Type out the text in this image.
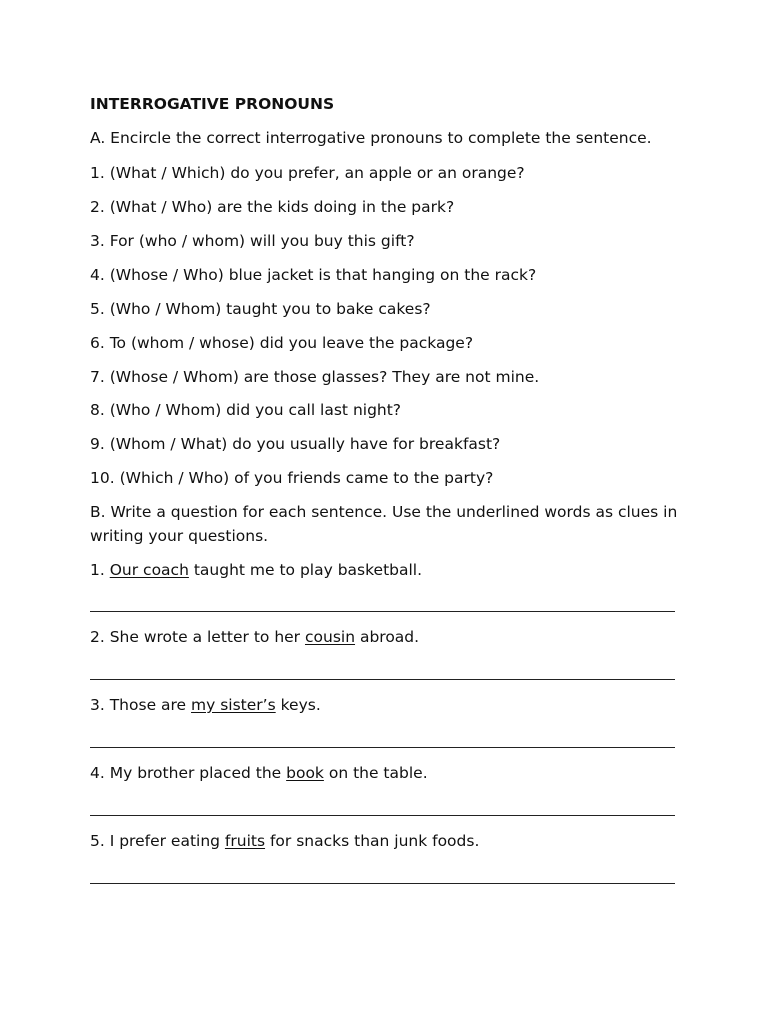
INTERROGATIVE PRONOUNS
A. Encircle the correct interrogative pronouns to complete the sentence.
1. (What / Which) do you prefer, an apple or an orange?
2. (What / Who) are the kids doing in the park?
3. For (who / whom) will you buy this gift?
4. (Whose / Who) blue jacket is that hanging on the rack?
5. (Who / Whom) taught you to bake cakes?
6. To (whom / whose) did you leave the package?
7. (Whose / Whom) are those glasses? They are not mine.
8. (Who / Whom) did you call last night?
9. (Whom / What) do you usually have for breakfast?
10. (Which / Who) of you friends came to the party?
B. Write a question for each sentence. Use the underlined words as clues in writing your questions.
1. Our coach taught me to play basketball.
2. She wrote a letter to her cousin abroad.
3. Those are my sister’s keys.
4. My brother placed the book on the table.
5. I prefer eating fruits for snacks than junk foods.
